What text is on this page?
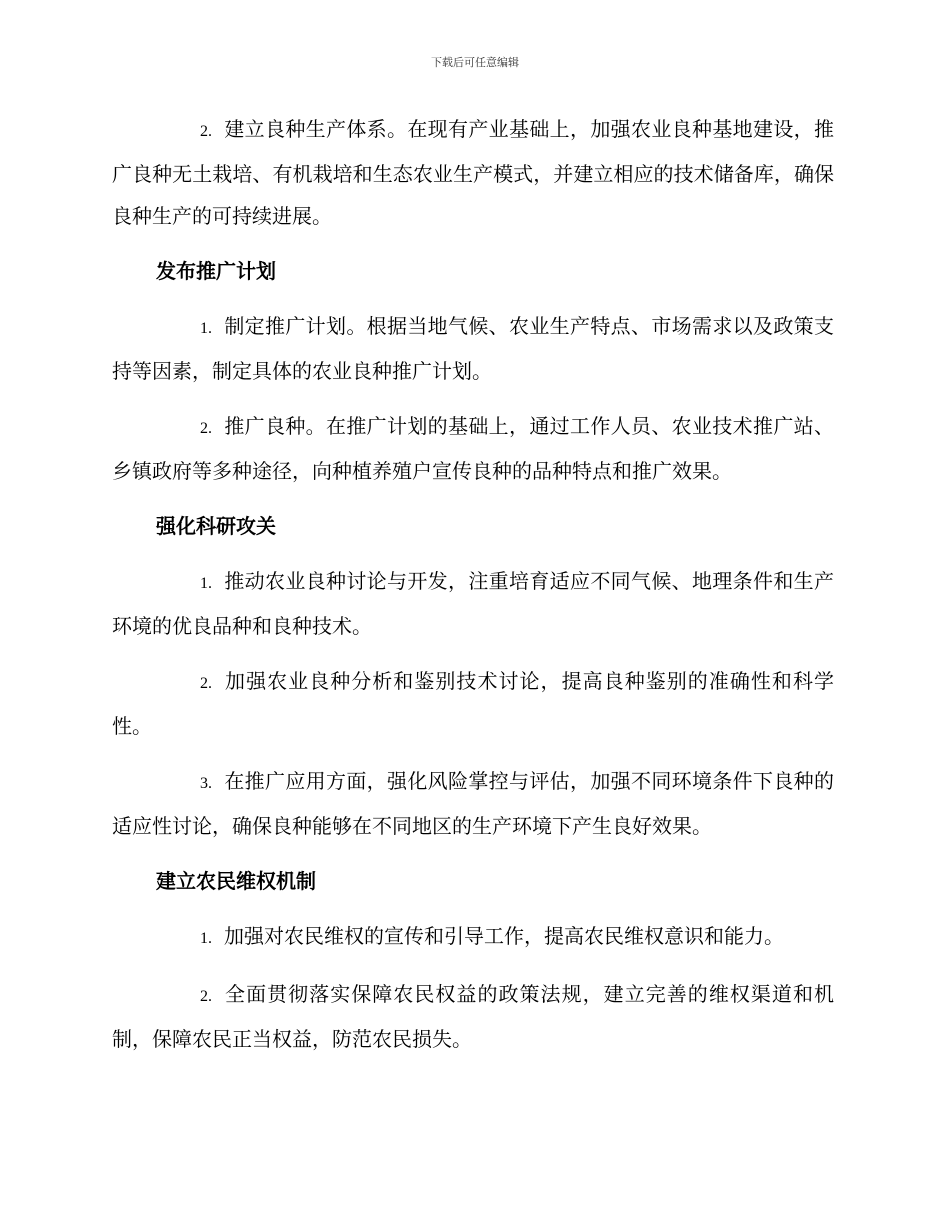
下载后可任意编辑

2. 建立良种生产体系。在现有产业基础上，加强农业良种基地建设，推广良种无土栽培、有机栽培和生态农业生产模式，并建立相应的技术储备库，确保良种生产的可持续进展。

发布推广计划

1. 制定推广计划。根据当地气候、农业生产特点、市场需求以及政策支持等因素，制定具体的农业良种推广计划。

2. 推广良种。在推广计划的基础上，通过工作人员、农业技术推广站、乡镇政府等多种途径，向种植养殖户宣传良种的品种特点和推广效果。

强化科研攻关

1. 推动农业良种讨论与开发，注重培育适应不同气候、地理条件和生产环境的优良品种和良种技术。

2. 加强农业良种分析和鉴别技术讨论，提高良种鉴别的准确性和科学性。

3. 在推广应用方面，强化风险掌控与评估，加强不同环境条件下良种的适应性讨论，确保良种能够在不同地区的生产环境下产生良好效果。

建立农民维权机制

1. 加强对农民维权的宣传和引导工作，提高农民维权意识和能力。

2. 全面贯彻落实保障农民权益的政策法规，建立完善的维权渠道和机制，保障农民正当权益，防范农民损失。
